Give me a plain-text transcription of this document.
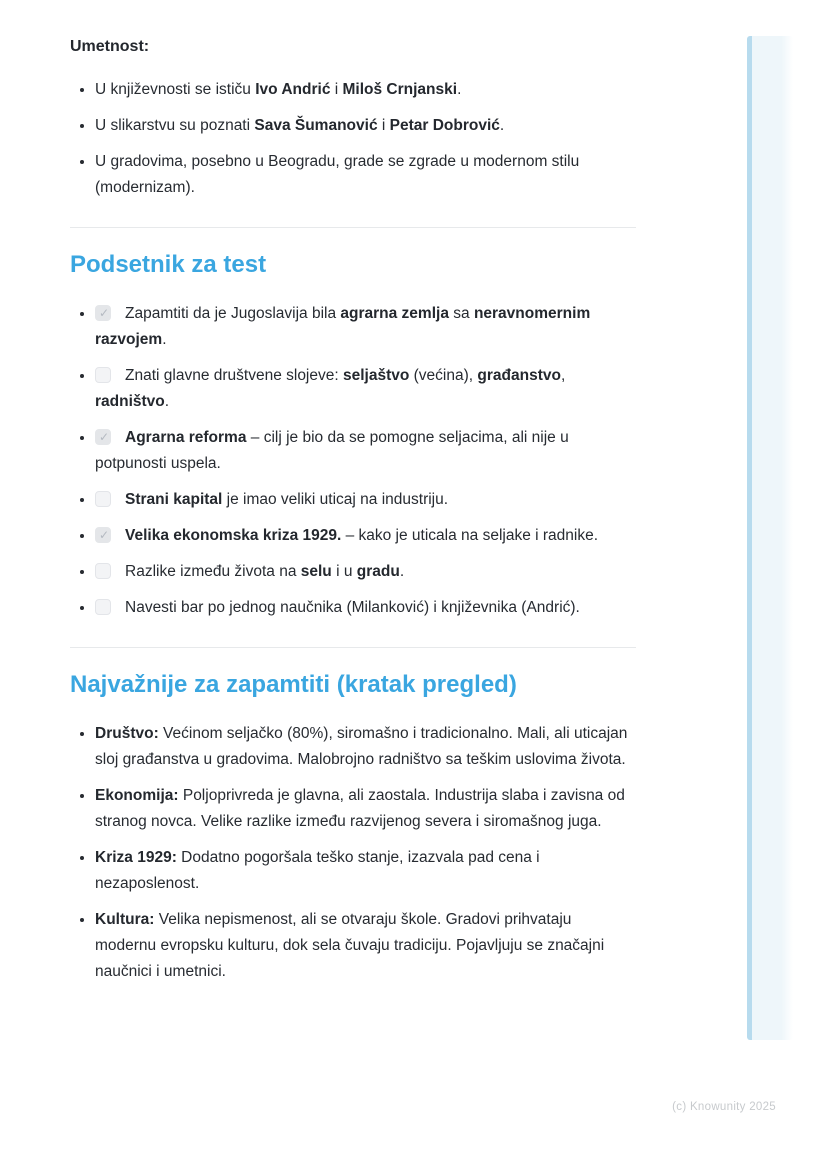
Umetnost:
• U književnosti se ističu Ivo Andrić i Miloš Crnjanski.
• U slikarstvu su poznati Sava Šumanović i Petar Dobrović.
• U gradovima, posebno u Beogradu, grade se zgrade u modernom stilu (modernizam).
Podsetnik za test
✓• Zapamtiti da je Jugoslavija bila agrarna zemlja sa neravnomernim razvojem.
• Znati glavne društvene slojeve: seljaštvo (većina), građanstvo, radništvo.
✓• Agrarna reforma – cilj je bio da se pomogne seljacima, ali nije u potpunosti uspela.
• Strani kapital je imao veliki uticaj na industriju.
✓• Velika ekonomska kriza 1929. – kako je uticala na seljake i radnike.
• Razlike između života na selu i u gradu.
• Navesti bar po jednog naučnika (Milanković) i književnika (Andrić).
Najvažnije za zapamtiti (kratak pregled)
• Društvo: Većinom seljačko (80%), siromašno i tradicionalno. Mali, ali uticajan sloj građanstva u gradovima. Malobrojno radništvo sa teškim uslovima života.
• Ekonomija: Poljoprivreda je glavna, ali zaostala. Industrija slaba i zavisna od stranog novca. Velike razlike između razvijenog severa i siromašnog juga.
• Kriza 1929: Dodatno pogoršala teško stanje, izazvala pad cena i nezaposlenost.
• Kultura: Velika nepismenost, ali se otvaraju škole. Gradovi prihvataju modernu evropsku kulturu, dok sela čuvaju tradiciju. Pojavljuju se značajni naučnici i umetnici.
(c) Knowunity 2025
